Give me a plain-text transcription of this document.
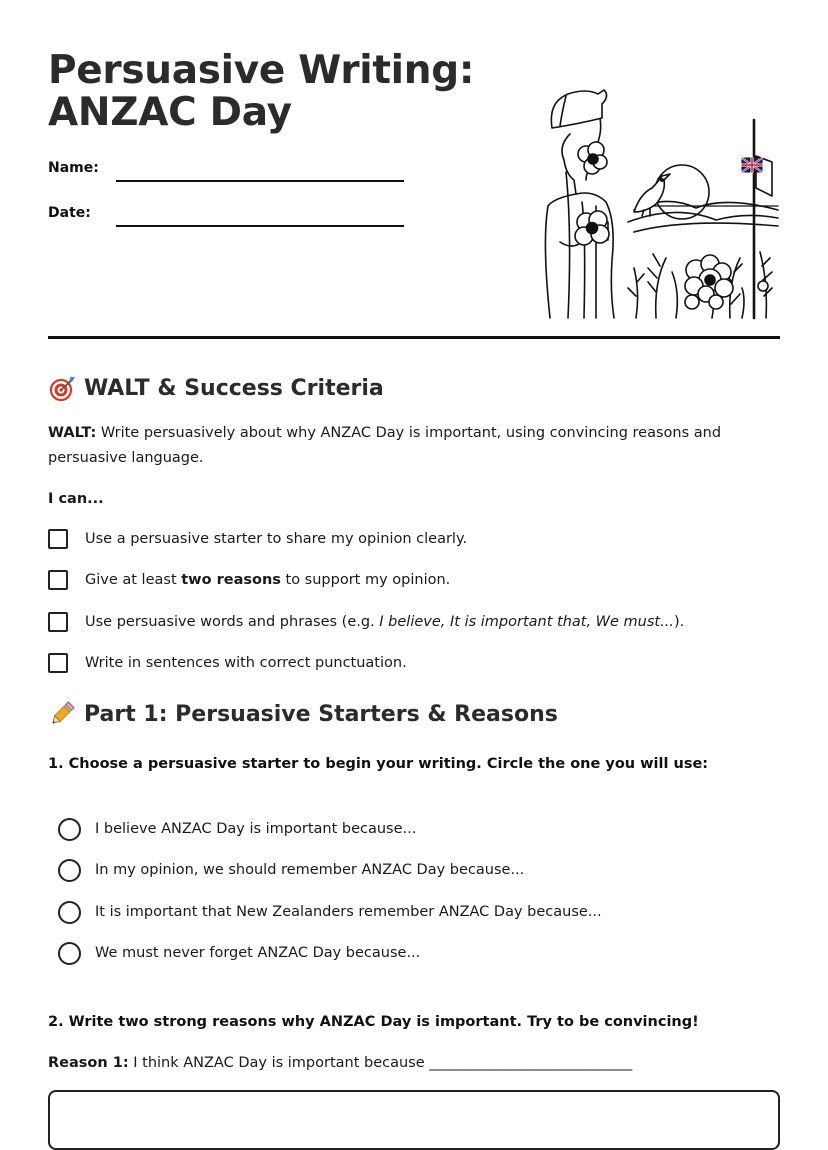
Persuasive Writing:
ANZAC Day
Name:
Date:
WALT & Success Criteria
WALT: Write persuasively about why ANZAC Day is important, using convincing reasons and persuasive language.
I can...
Use a persuasive starter to share my opinion clearly.
Give at least two reasons to support my opinion.
Use persuasive words and phrases (e.g. I believe, It is important that, We must...).
Write in sentences with correct punctuation.
Part 1: Persuasive Starters & Reasons
1. Choose a persuasive starter to begin your writing. Circle the one you will use:
I believe ANZAC Day is important because...
In my opinion, we should remember ANZAC Day because...
It is important that New Zealanders remember ANZAC Day because...
We must never forget ANZAC Day because...
2. Write two strong reasons why ANZAC Day is important. Try to be convincing!
Reason 1: I think ANZAC Day is important because ____________________________
